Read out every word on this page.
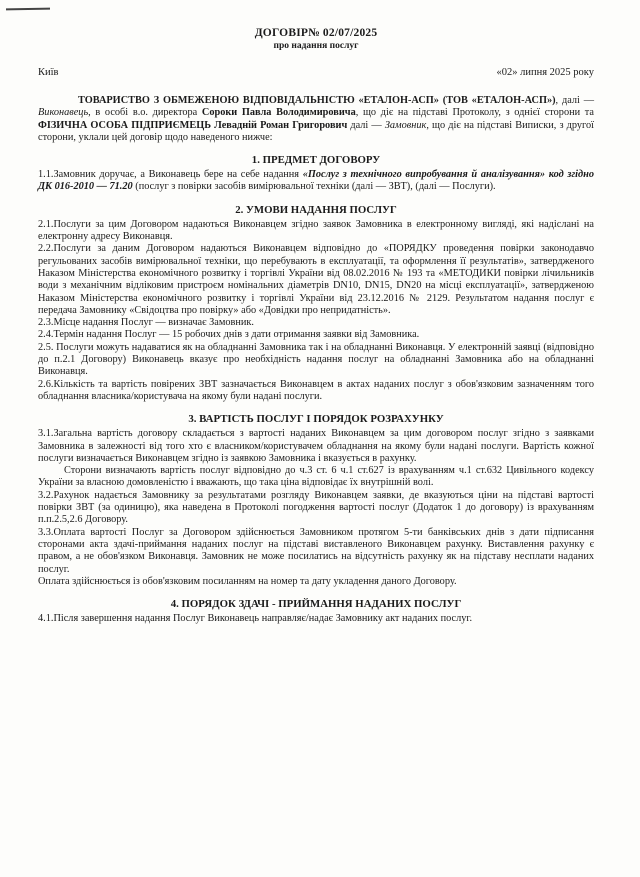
ДОГОВІР№ 02/07/2025
про надання послуг
Київ	«02» липня 2025 року

ТОВАРИСТВО З ОБМЕЖЕНОЮ ВІДПОВІДАЛЬНІСТЮ «ЕТАЛОН-АСП» (ТОВ «ЕТАЛОН-АСП»), далі — Виконавець, в особі в.о. директора Сороки Павла Володимировича, що діє на підставі Протоколу, з однієї сторони та ФІЗИЧНА ОСОБА ПІДПРИЄМЕЦЬ Левадній Роман Григорович далі — Замовник, що діє на підставі Виписки, з другої сторони, уклали цей договір щодо наведеного нижче:

1. ПРЕДМЕТ ДОГОВОРУ

1.1.Замовник доручає, а Виконавець бере на себе надання «Послуг з технічного випробування й аналізування» код згідно ДК 016-2010 — 71.20 (послуг з повірки засобів вимірювальної техніки (далі — ЗВТ), (далі — Послуги).

2. УМОВИ НАДАННЯ ПОСЛУГ

2.1.Послуги за цим Договором надаються Виконавцем згідно заявок Замовника в електронному вигляді, які надіслані на електронну адресу Виконавця.

2.2.Послуги за даним Договором надаються Виконавцем відповідно до «ПОРЯДКУ проведення повірки законодавчо регульованих засобів вимірювальної техніки, що перебувають в експлуатації, та оформлення її результатів», затвердженого Наказом Міністерства економічного розвитку і торгівлі України від 08.02.2016 № 193 та «МЕТОДИКИ повірки лічильників води з механічним відліковим пристроєм номінальних діаметрів DN10, DN15, DN20 на місці експлуатації», затвердженою Наказом Міністерства економічного розвитку і торгівлі України від 23.12.2016 № 2129. Результатом надання послуг є передача Замовнику «Свідоцтва про повірку» або «Довідки про непридатність».

2.3.Місце надання Послуг — визначає Замовник.

2.4.Термін надання Послуг — 15 робочих днів з дати отримання заявки від Замовника.

2.5. Послуги можуть надаватися як на обладнанні Замовника так і на обладнанні Виконавця. У електронній заявці (відповідно до п.2.1 Договору) Виконавець вказує про необхідність надання послуг на обладнанні Замовника або на обладнанні Виконавця.

2.6.Кількість та вартість повірених ЗВТ зазначається Виконавцем в актах наданих послуг з обов'язковим зазначенням того обладнання власника/користувача на якому були надані послуги.

3. ВАРТІСТЬ ПОСЛУГ І ПОРЯДОК РОЗРАХУНКУ

3.1.Загальна вартість договору складається з вартості наданих Виконавцем за цим договором послуг згідно з заявками Замовника в залежності від того хто є власником/користувачем обладнання на якому були надані послуги. Вартість кожної послуги визначається Виконавцем згідно із заявкою Замовника і вказується в рахунку.

Сторони визначають вартість послуг відповідно до ч.3 ст. 6 ч.1 ст.627 із врахуванням ч.1 ст.632 Цивільного кодексу України за власною домовленістю і вважають, що така ціна відповідає їх внутрішній волі.

3.2.Рахунок надається Замовнику за результатами розгляду Виконавцем заявки, де вказуються ціни на підставі вартості повірки ЗВТ (за одиницю), яка наведена в Протоколі погодження вартості послуг (Додаток 1 до договору) із врахуванням п.п.2.5,2.6 Договору.

3.3.Оплата вартості Послуг за Договором здійснюється Замовником протягом 5-ти банківських днів з дати підписання сторонами акта здачі-приймання наданих послуг на підставі виставленого Виконавцем рахунку. Виставлення рахунку є правом, а не обов'язком Виконавця. Замовник не може посилатись на відсутність рахунку як на підставу несплати наданих послуг.

Оплата здійснюється із обов'язковим посиланням на номер та дату укладення даного Договору.

4. ПОРЯДОК ЗДАЧІ - ПРИЙМАННЯ НАДАНИХ ПОСЛУГ

4.1.Після завершення надання Послуг Виконавець направляє/надає Замовнику акт наданих послуг.
